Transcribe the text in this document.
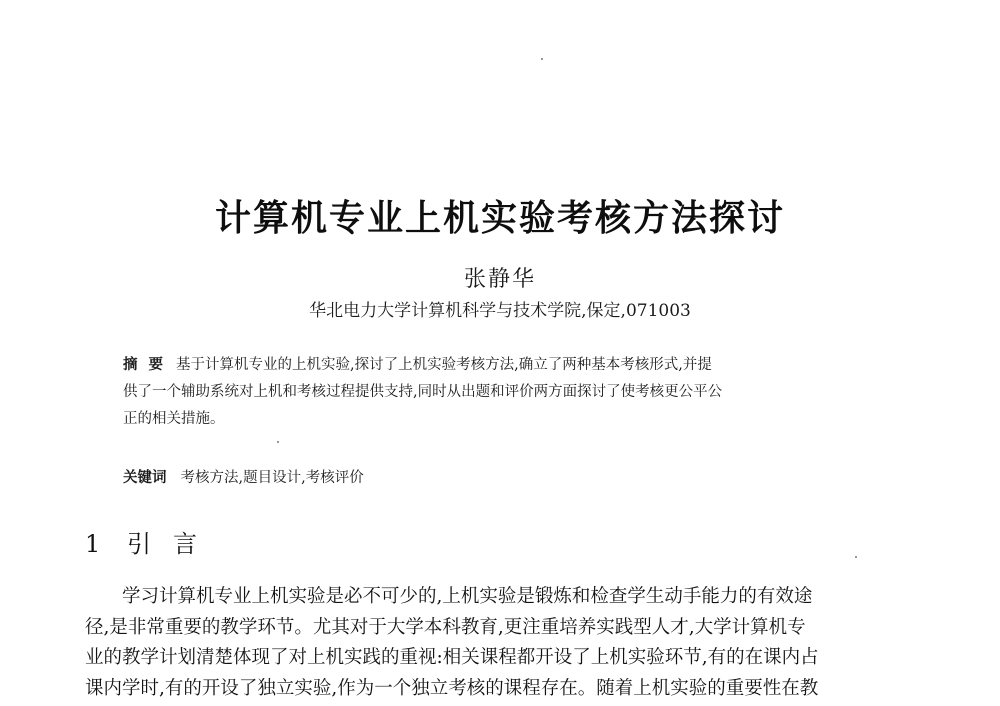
计算机专业上机实验考核方法探讨
张静华
华北电力大学计算机科学与技术学院,保定,071003
摘要 基于计算机专业的上机实验,探讨了上机实验考核方法,确立了两种基本考核形式,并提
供了一个辅助系统对上机和考核过程提供支持,同时从出题和评价两方面探讨了使考核更公平公
正的相关措施。
关键词 考核方法,题目设计,考核评价
1 引言
学习计算机专业上机实验是必不可少的,上机实验是锻炼和检查学生动手能力的有效途
径,是非常重要的教学环节。尤其对于大学本科教育,更注重培养实践型人才,大学计算机专
业的教学计划清楚体现了对上机实践的重视:相关课程都开设了上机实验环节,有的在课内占
课内学时,有的开设了独立实验,作为一个独立考核的课程存在。随着上机实验的重要性在教
